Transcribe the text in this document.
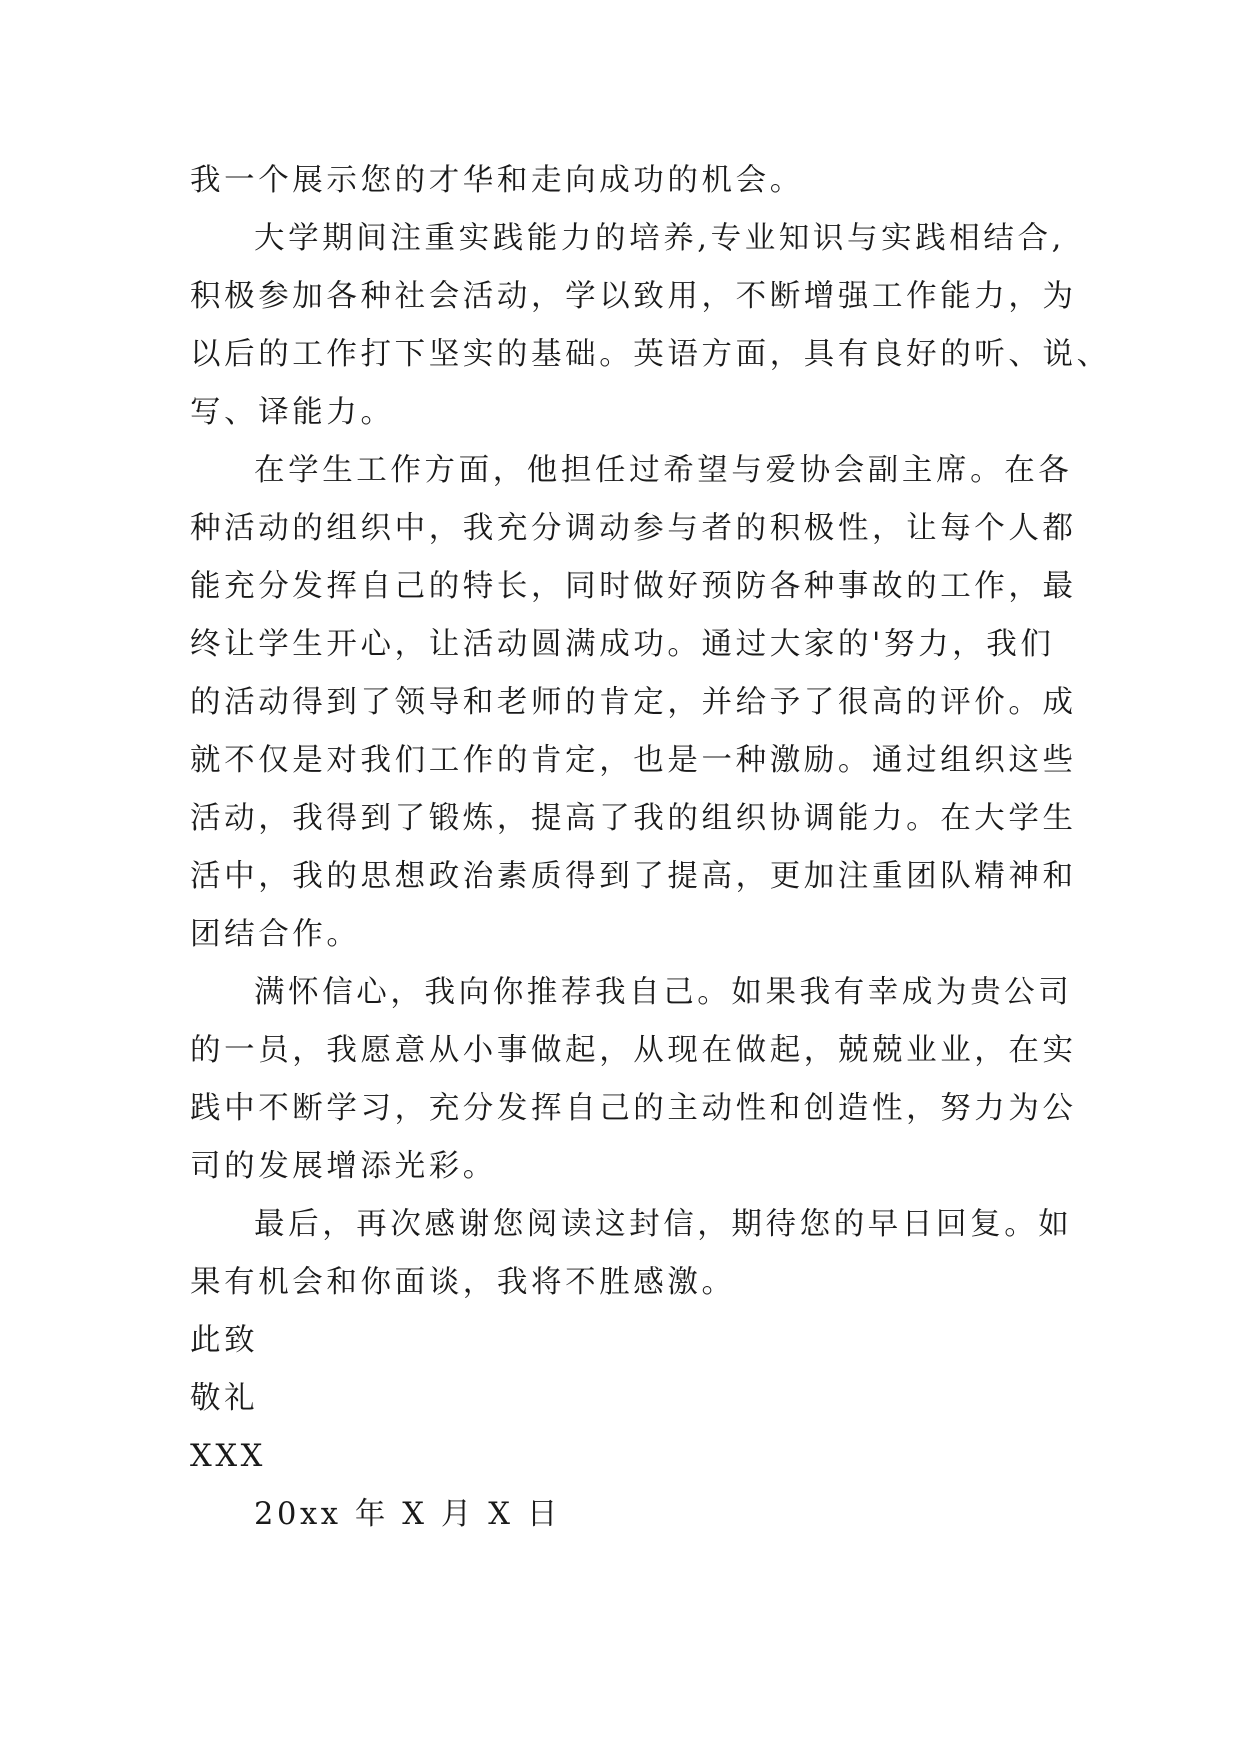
我一个展示您的才华和走向成功的机会。
大学期间注重实践能力的培养,专业知识与实践相结合,
积极参加各种社会活动，学以致用，不断增强工作能力，为
以后的工作打下坚实的基础。英语方面，具有良好的听、说、
写、译能力。
在学生工作方面，他担任过希望与爱协会副主席。在各
种活动的组织中，我充分调动参与者的积极性，让每个人都
能充分发挥自己的特长，同时做好预防各种事故的工作，最
终让学生开心，让活动圆满成功。通过大家的'努力，我们
的活动得到了领导和老师的肯定，并给予了很高的评价。成
就不仅是对我们工作的肯定，也是一种激励。通过组织这些
活动，我得到了锻炼，提高了我的组织协调能力。在大学生
活中，我的思想政治素质得到了提高，更加注重团队精神和
团结合作。
满怀信心，我向你推荐我自己。如果我有幸成为贵公司
的一员，我愿意从小事做起，从现在做起，兢兢业业，在实
践中不断学习，充分发挥自己的主动性和创造性，努力为公
司的发展增添光彩。
最后，再次感谢您阅读这封信，期待您的早日回复。如
果有机会和你面谈，我将不胜感激。
此致
敬礼
XXX
20xx 年 X 月 X 日
